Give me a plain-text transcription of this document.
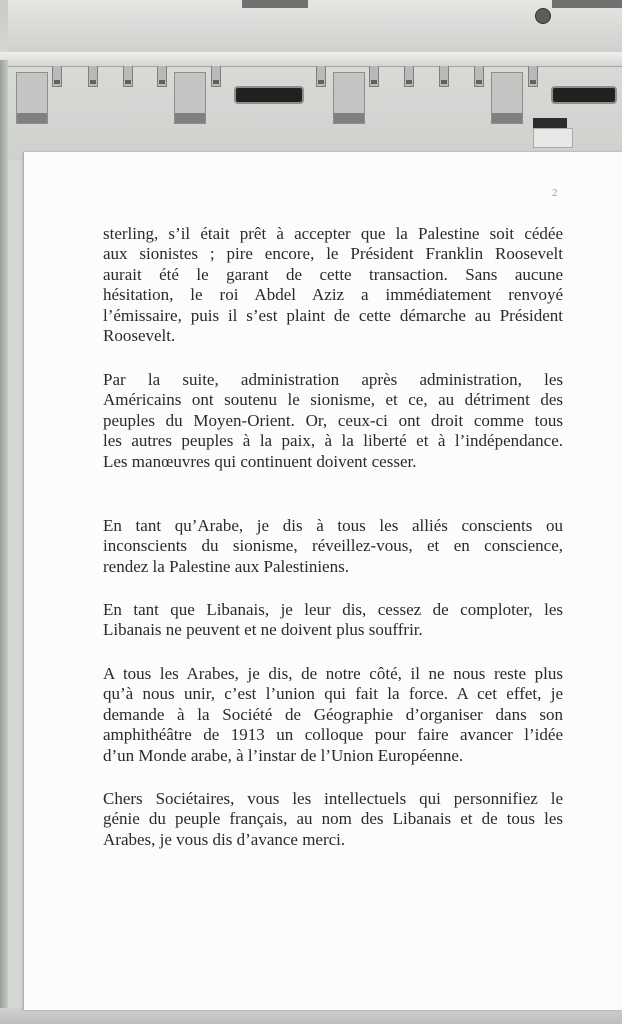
2
sterling, s’il était prêt à accepter que la Palestine soit cédée
aux sionistes ; pire encore, le Président Franklin Roosevelt
aurait été le garant de cette transaction. Sans aucune
hésitation, le roi Abdel Aziz a immédiatement renvoyé
l’émissaire, puis il s’est plaint de cette démarche au Président
Roosevelt.
Par la suite, administration après administration, les
Américains ont soutenu le sionisme, et ce, au détriment des
peuples du Moyen-Orient. Or, ceux-ci ont droit comme tous
les autres peuples à la paix, à la liberté et à l’indépendance.
Les manœuvres qui continuent doivent cesser.
En tant qu’Arabe, je dis à tous les alliés conscients ou
inconscients du sionisme, réveillez-vous, et en conscience,
rendez la Palestine aux Palestiniens.
En tant que Libanais, je leur dis, cessez de comploter, les
Libanais ne peuvent et ne doivent plus souffrir.
A tous les Arabes, je dis, de notre côté, il ne nous reste plus
qu’à nous unir, c’est l’union qui fait la force. A cet effet, je
demande à la Société de Géographie d’organiser dans son
amphithéâtre de 1913 un colloque pour faire avancer l’idée
d’un Monde arabe, à l’instar de l’Union Européenne.
Chers Sociétaires, vous les intellectuels qui personnifiez le
génie du peuple français, au nom des Libanais et de tous les
Arabes, je vous dis d’avance merci.
